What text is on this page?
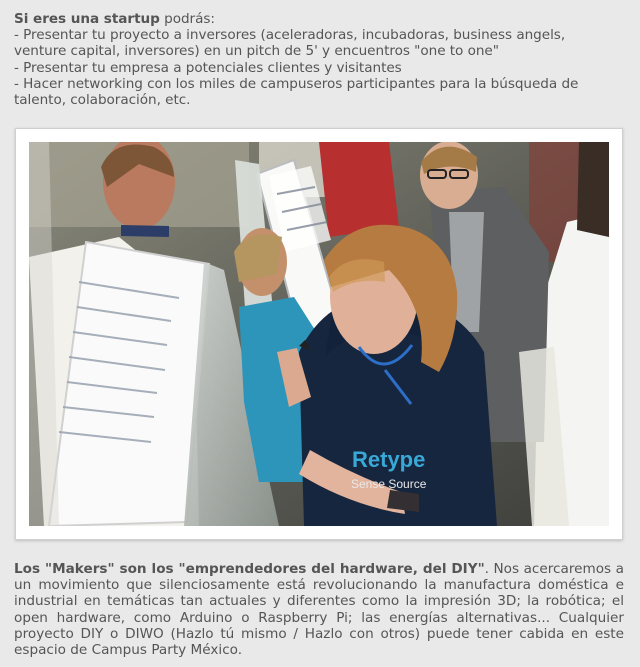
Si eres una startup podrás:
- Presentar tu proyecto a inversores (aceleradoras, incubadoras, business angels,
venture capital, inversores) en un pitch de 5' y encuentros "one to one"
- Presentar tu empresa a potenciales clientes y visitantes
- Hacer networking con los miles de campuseros participantes para la búsqueda de
talento, colaboración, etc.
Retype
Sense Source
Los "Makers" son los "emprendedores del hardware, del DIY". Nos acercaremos a un movimiento que silenciosamente está revolucionando la manufactura doméstica e industrial en temáticas tan actuales y diferentes como la impresión 3D; la robótica; el open hardware, como Arduino o Raspberry Pi; las energías alternativas... Cualquier proyecto DIY o DIWO (Hazlo tú mismo / Hazlo con otros) puede tener cabida en este espacio de Campus Party México.
